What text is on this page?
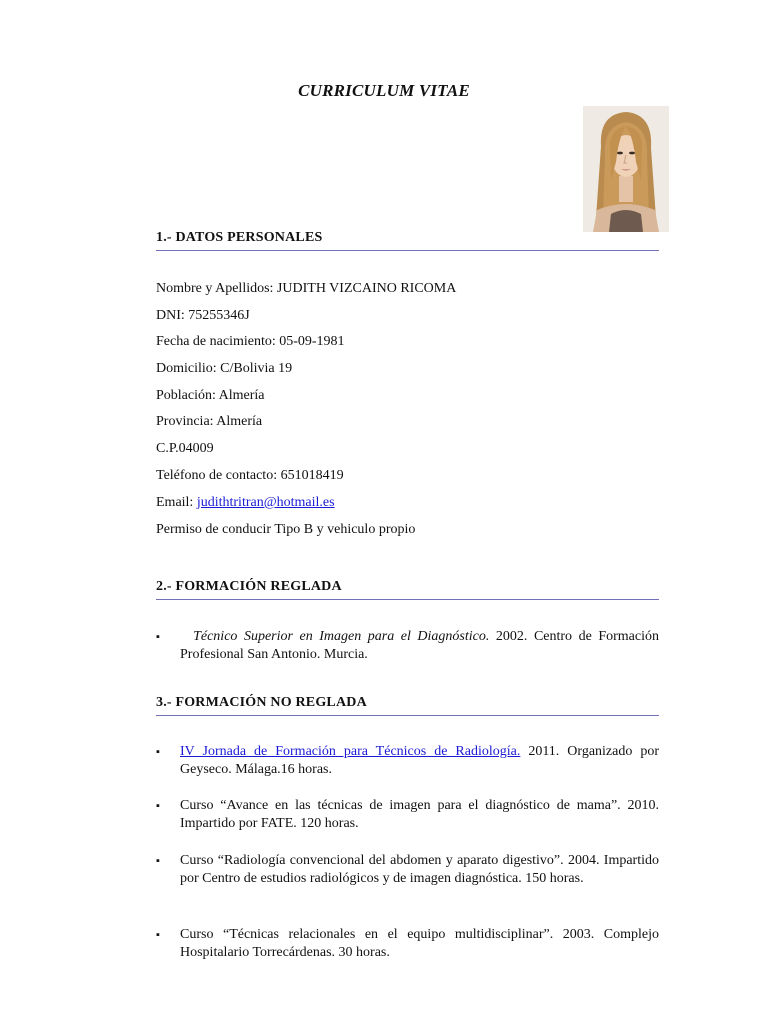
CURRICULUM VITAE
1.- DATOS PERSONALES
Nombre y Apellidos: JUDITH VIZCAINO RICOMA
DNI: 75255346J
Fecha de nacimiento: 05-09-1981
Domicilio: C/Bolivia 19
Población: Almería
Provincia: Almería
C.P.04009
Teléfono de contacto: 651018419
Email: judithtritran@hotmail.es
Permiso de conducir Tipo B y vehiculo propio
2.- FORMACIÓN REGLADA
▪	Técnico Superior en Imagen para el Diagnóstico. 2002. Centro de Formación Profesional San Antonio. Murcia.
3.- FORMACIÓN NO REGLADA
▪ IV Jornada de Formación para Técnicos de Radiología. 2011. Organizado por Geyseco. Málaga.16 horas.
▪ Curso “Avance en las técnicas de imagen para el diagnóstico de mama”. 2010. Impartido por FATE. 120 horas.
▪ Curso “Radiología convencional del abdomen y aparato digestivo”. 2004. Impartido por Centro de estudios radiológicos y de imagen diagnóstica. 150 horas.
▪ Curso “Técnicas relacionales en el equipo multidisciplinar”. 2003. Complejo Hospitalario Torrecárdenas. 30 horas.
